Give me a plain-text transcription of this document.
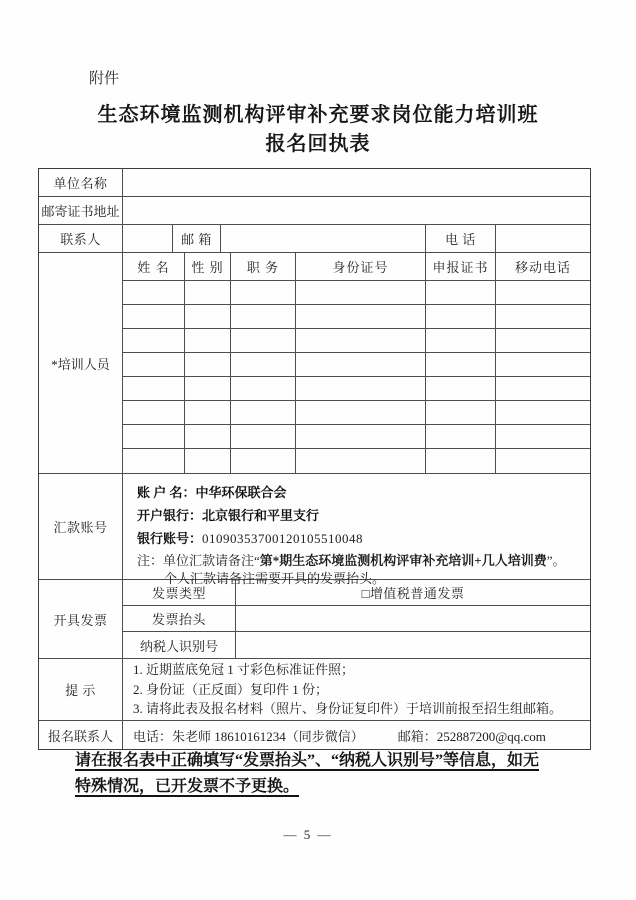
附件
生态环境监测机构评审补充要求岗位能力培训班
报名回执表
单位名称
邮寄证书地址
联系人	邮 箱	电 话
*培训人员
姓 名	性 别	职 务	身份证号	申报证书	移动电话
汇款账号
账 户 名：中华环保联合会
开户银行：北京银行和平里支行
银行账号：01090353700120105510048
注：单位汇款请备注“第*期生态环境监测机构评审补充培训+几人培训费”。
个人汇款请备注需要开具的发票抬头。
开具发票
发票类型	□增值税普通发票
发票抬头
纳税人识别号
提 示
1. 近期蓝底免冠 1 寸彩色标准证件照；
2. 身份证（正反面）复印件 1 份；
3. 请将此表及报名材料（照片、身份证复印件）于培训前报至招生组邮箱。
报名联系人	电话：朱老师 18610161234（同步微信）	邮箱：252887200@qq.com
请在报名表中正确填写“发票抬头”、“纳税人识别号”等信息，如无
特殊情况，已开发票不予更换。
— 5 —
